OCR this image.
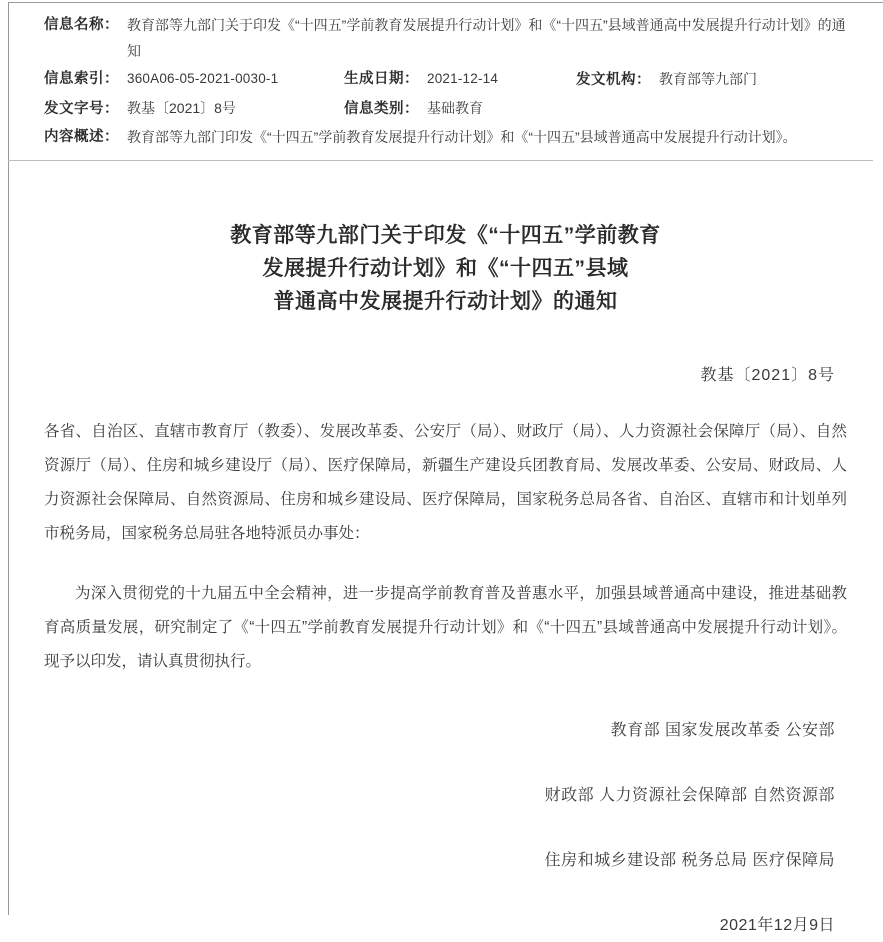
信息名称： 教育部等九部门关于印发《“十四五”学前教育发展提升行动计划》和《“十四五”县域普通高中发展提升行动计划》的通知
信息索引： 360A06-05-2021-0030-1	生成日期： 2021-12-14	发文机构： 教育部等九部门
发文字号： 教基〔2021〕8号	信息类别： 基础教育
内容概述： 教育部等九部门印发《“十四五”学前教育发展提升行动计划》和《“十四五”县域普通高中发展提升行动计划》。
教育部等九部门关于印发《“十四五”学前教育
发展提升行动计划》和《“十四五”县域
普通高中发展提升行动计划》的通知
教基〔2021〕8号
各省、自治区、直辖市教育厅（教委）、发展改革委、公安厅（局）、财政厅（局）、人力资源社会保障厅（局）、自然资源厅（局）、住房和城乡建设厅（局）、医疗保障局，新疆生产建设兵团教育局、发展改革委、公安局、财政局、人力资源社会保障局、自然资源局、住房和城乡建设局、医疗保障局，国家税务总局各省、自治区、直辖市和计划单列市税务局，国家税务总局驻各地特派员办事处：
为深入贯彻党的十九届五中全会精神，进一步提高学前教育普及普惠水平，加强县域普通高中建设，推进基础教育高质量发展，研究制定了《“十四五”学前教育发展提升行动计划》和《“十四五”县域普通高中发展提升行动计划》。现予以印发，请认真贯彻执行。
教育部 国家发展改革委 公安部
财政部 人力资源社会保障部 自然资源部
住房和城乡建设部 税务总局 医疗保障局
2021年12月9日
